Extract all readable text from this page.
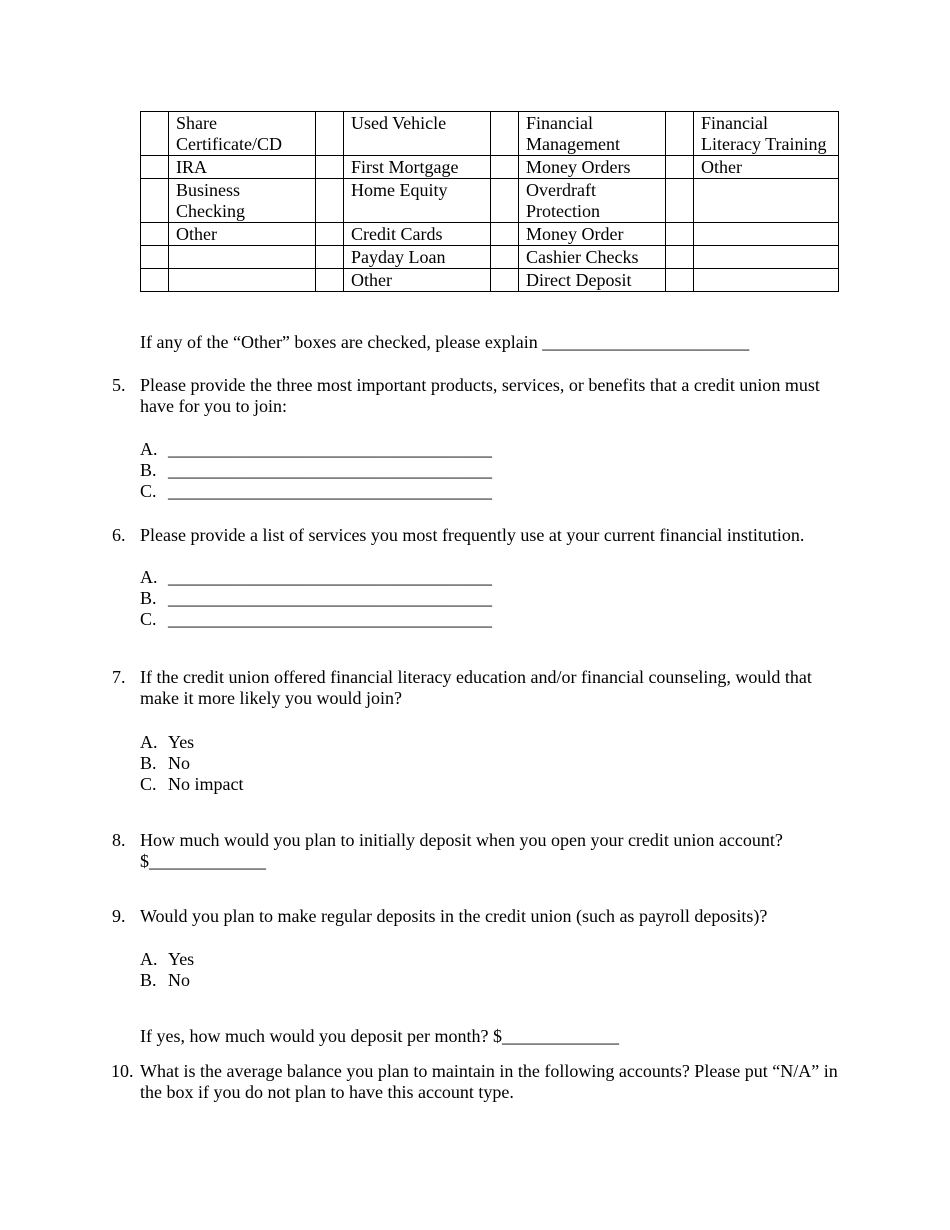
	Share Certificate/CD		Used Vehicle		Financial Management		Financial Literacy Training
	IRA		First Mortgage		Money Orders		Other
	Business Checking		Home Equity		Overdraft Protection		
	Other		Credit Cards		Money Order		
			Payday Loan		Cashier Checks		
			Other		Direct Deposit		
If any of the “Other” boxes are checked, please explain _______________________
5. Please provide the three most important products, services, or benefits that a credit union must have for you to join:
A. ____________________________________
B. ____________________________________
C. ____________________________________
6. Please provide a list of services you most frequently use at your current financial institution.
A. ____________________________________
B. ____________________________________
C. ____________________________________
7. If the credit union offered financial literacy education and/or financial counseling, would that make it more likely you would join?
A. Yes
B. No
C. No impact
8. How much would you plan to initially deposit when you open your credit union account?
$_____________
9. Would you plan to make regular deposits in the credit union (such as payroll deposits)?
A. Yes
B. No
If yes, how much would you deposit per month? $_____________
10. What is the average balance you plan to maintain in the following accounts? Please put “N/A” in the box if you do not plan to have this account type.
